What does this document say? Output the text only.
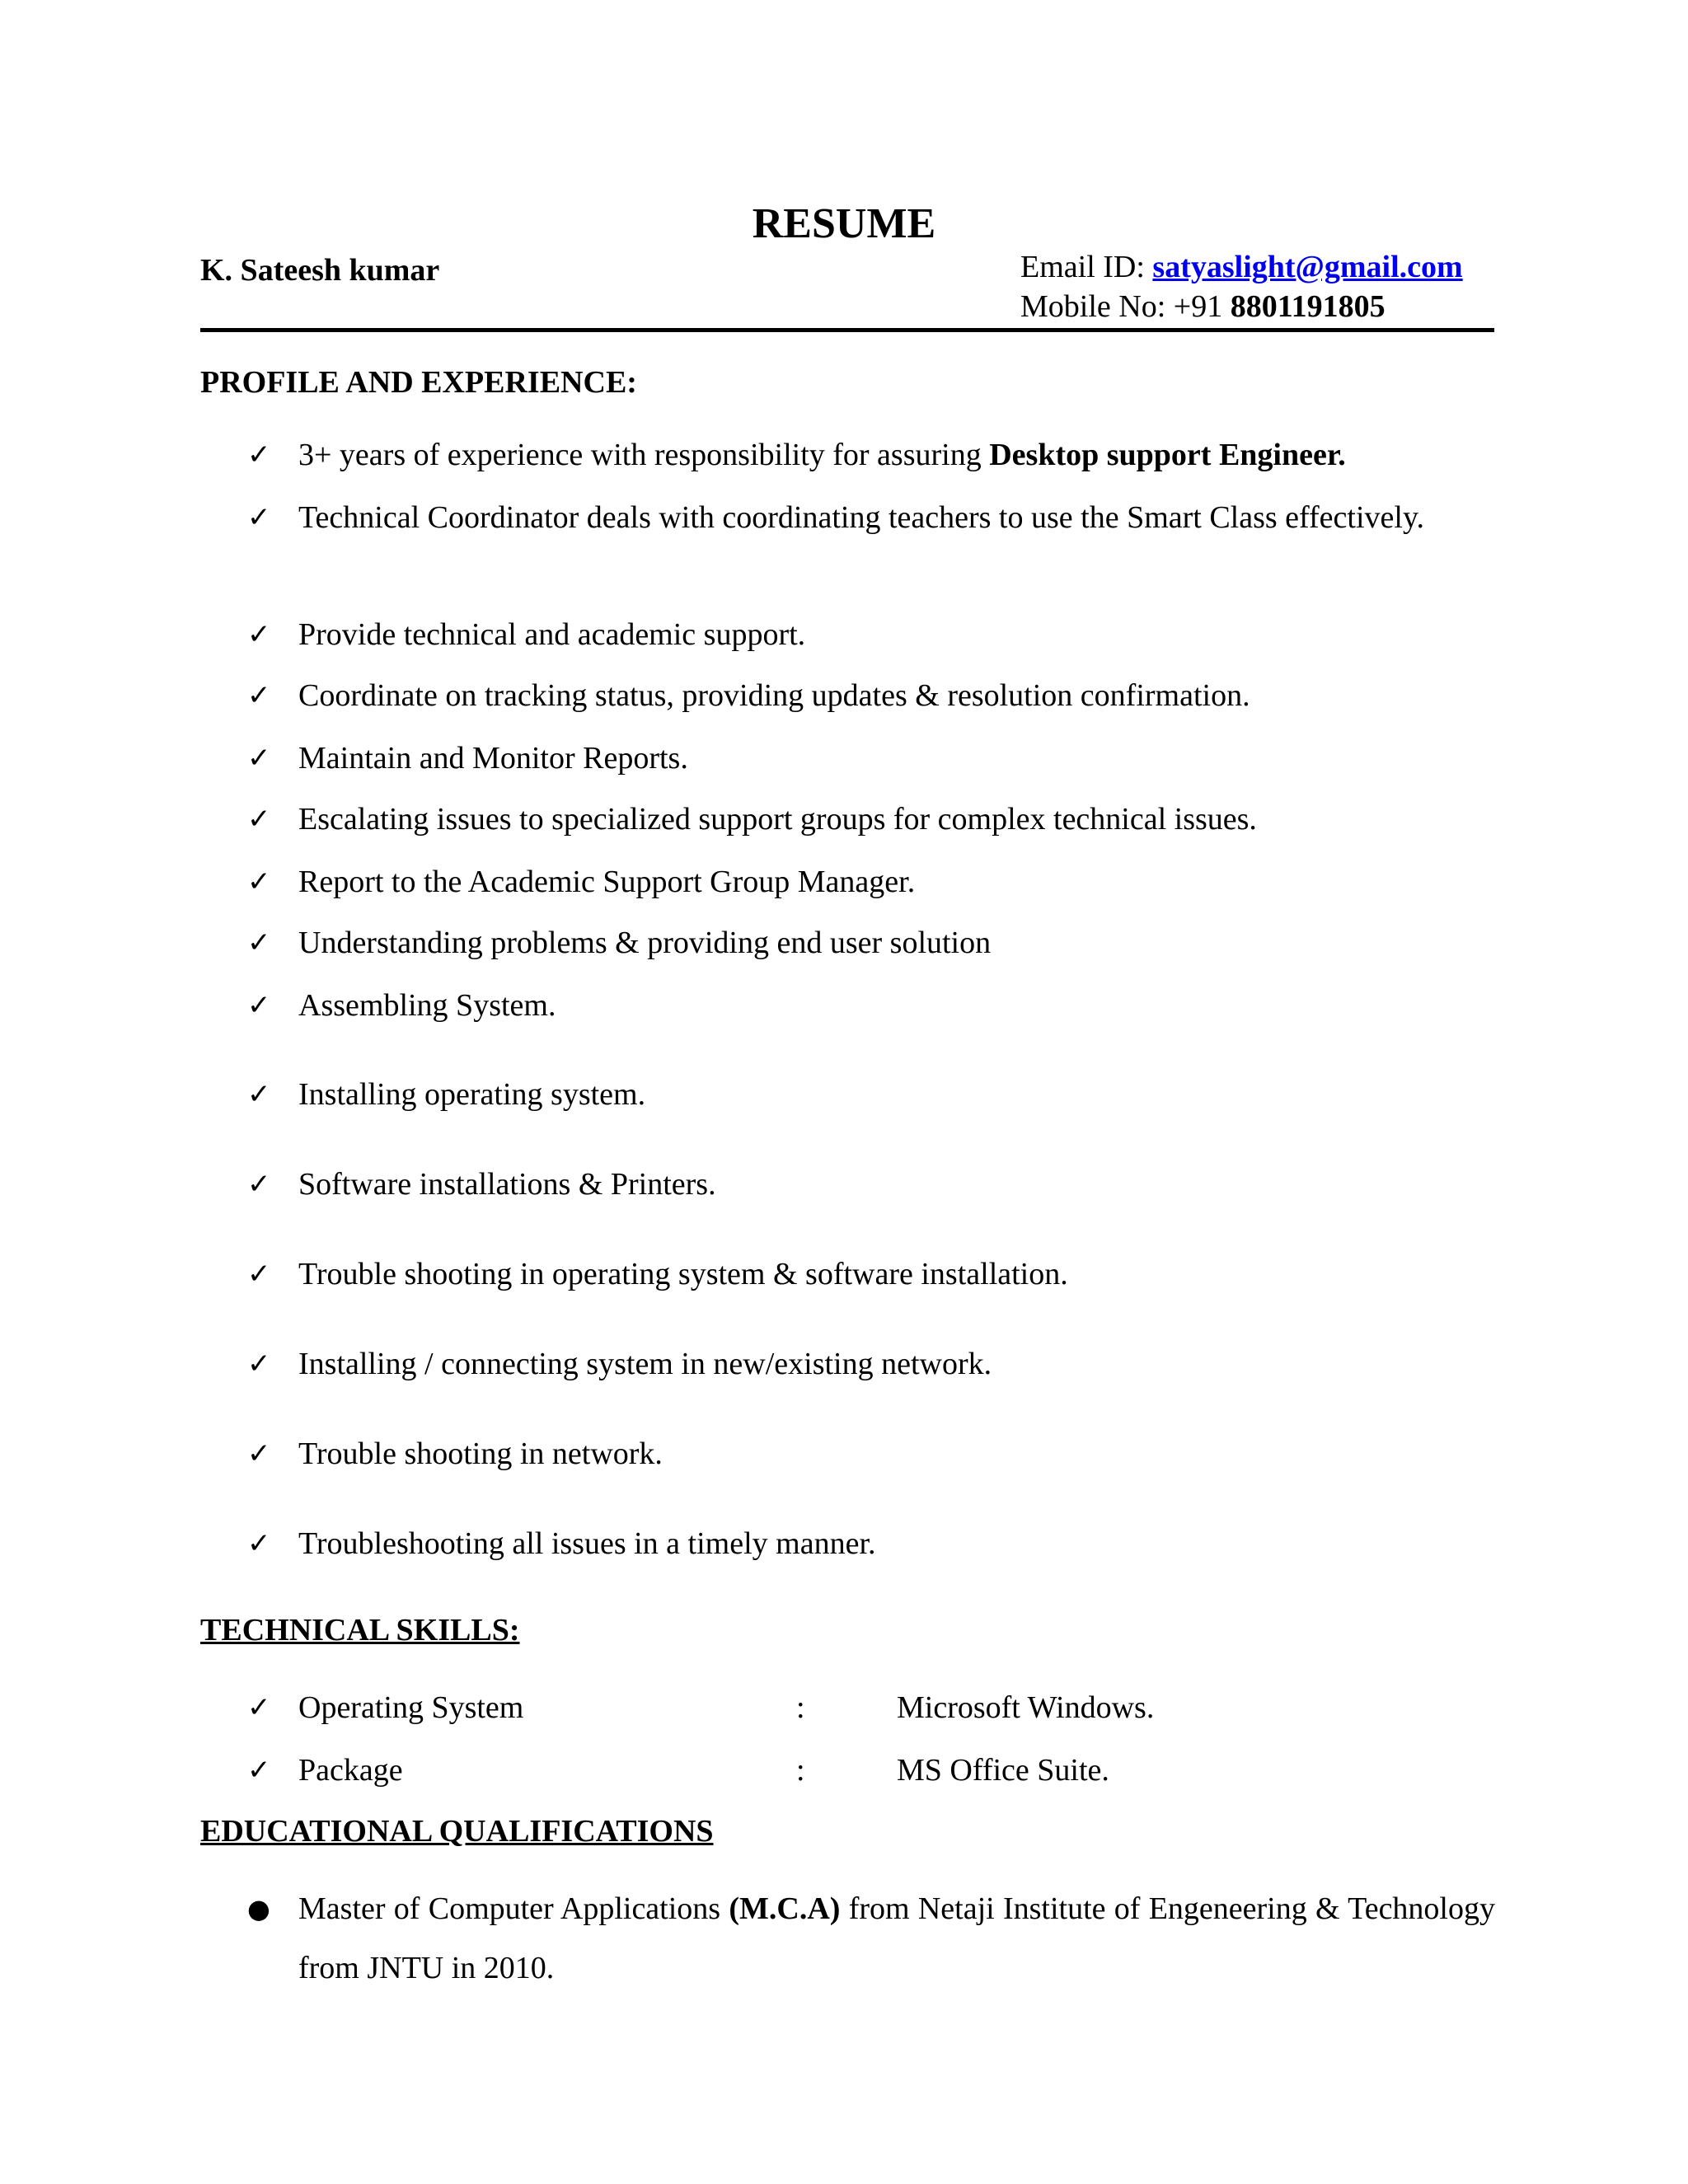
RESUME
K. Sateesh kumar	Email ID: satyaslight@gmail.com
Mobile No: +91 8801191805
PROFILE AND EXPERIENCE:
✓ 3+ years of experience with responsibility for assuring Desktop support Engineer.
✓ Technical Coordinator deals with coordinating teachers to use the Smart Class effectively.
✓ Provide technical and academic support.
✓ Coordinate on tracking status, providing updates & resolution confirmation.
✓ Maintain and Monitor Reports.
✓ Escalating issues to specialized support groups for complex technical issues.
✓ Report to the Academic Support Group Manager.
✓ Understanding problems & providing end user solution
✓ Assembling System.
✓ Installing operating system.
✓ Software installations & Printers.
✓ Trouble shooting in operating system & software installation.
✓ Installing / connecting system in new/existing network.
✓ Trouble shooting in network.
✓ Troubleshooting all issues in a timely manner.
TECHNICAL SKILLS:
✓ Operating System	:	Microsoft Windows.
✓ Package	:	MS Office Suite.
EDUCATIONAL QUALIFICATIONS
● Master of Computer Applications (M.C.A) from Netaji Institute of Engeneering & Technology from JNTU in 2010.
